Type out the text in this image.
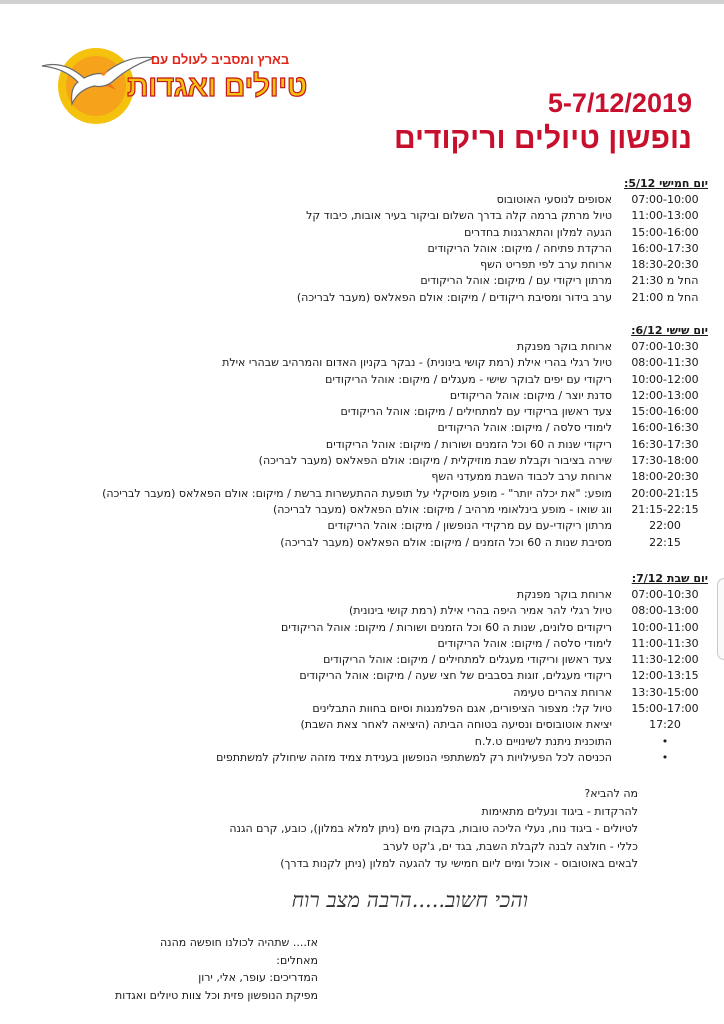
בארץ ומסביב לעולם עם
טיולים ואגדות	5-7/12/2019
נופשון טיולים וריקודים
יום חמישי 5/12:
07:00-10:00
אסופים לנוסעי האוטובוס
11:00-13:00
טיול מרתק ברמה קלה בדרך השלום וביקור בעיר אובות, כיבוד קל
15:00-16:00
הגעה למלון והתארגנות בחדרים
16:00-17:30
הרקדת פתיחה / מיקום: אוהל הריקודים
18:30-20:30
ארוחת ערב לפי תפריט השף
החל מ 21:30
מרתון ריקודי עם / מיקום: אוהל הריקודים
החל מ 21:00
ערב בידור ומסיבת ריקודים / מיקום: אולם הפאלאס (מעבר לבריכה)
יום שישי 6/12:
07:00-10:30
ארוחת בוקר מפנקת
08:00-11:30
טיול רגלי בהרי אילת (רמת קושי בינונית) - נבקר בקניון האדום והמרהיב שבהרי אילת
10:00-12:00
ריקודי עם יפים לבוקר שישי - מעגלים / מיקום: אוהל הריקודים
12:00-13:00
סדנת יוצר / מיקום: אוהל הריקודים
15:00-16:00
צעד ראשון בריקודי עם למתחילים / מיקום: אוהל הריקודים
16:00-16:30
לימודי סלסה / מיקום: אוהל הריקודים
16:30-17:30
ריקודי שנות ה 60 וכל הזמנים ושורות / מיקום: אוהל הריקודים
17:30-18:00
שירה בציבור וקבלת שבת מוזיקלית / מיקום: אולם הפאלאס (מעבר לבריכה)
18:00-20:30
ארוחת ערב לכבוד השבת ממעדני השף
20:00-21:15
מופע: "את יכלה יותר" - מופע מוסיקלי על תופעת ההתעשרות ברשת / מיקום: אולם הפאלאס (מעבר לבריכה)
21:15-22:15
ווג שואו - מופע בינלאומי מרהיב / מיקום: אולם הפאלאס (מעבר לבריכה)
22:00
מרתון ריקודי-עם עם מרקידי הנופשון / מיקום: אוהל הריקודים
22:15
מסיבת שנות ה 60 וכל הזמנים / מיקום: אולם הפאלאס (מעבר לבריכה)
יום שבת 7/12:
07:00-10:30
ארוחת בוקר מפנקת
08:00-13:00
טיול רגלי להר אמיר היפה בהרי אילת (רמת קושי בינונית)
10:00-11:00
ריקודים סלונים, שנות ה 60 וכל הזמנים ושורות / מיקום: אוהל הריקודים
11:00-11:30
לימודי סלסה / מיקום: אוהל הריקודים
11:30-12:00
צעד ראשון וריקודי מעגלים למתחילים / מיקום: אוהל הריקודים
12:00-13:15
ריקודי מעגלים, זוגות בסבבים של חצי שעה / מיקום: אוהל הריקודים
13:30-15:00
ארוחת צהרים טעימה
15:00-17:00
טיול קל: מצפור הציפורים, אגם הפלמנגות וסיום בחוות התבלינים
17:20
יציאת אוטובוסים ונסיעה בטוחה הביתה (היציאה לאחר צאת השבת)
•
התוכנית ניתנת לשינויים ט.ל.ח
•
הכניסה לכל הפעילויות רק למשתתפי הנופשון בענידת צמיד מזהה שיחולק למשתתפים
מה להביא?
להרקדות - ביגוד ונעלים מתאימות
לטיולים - ביגוד נוח, נעלי הליכה טובות, בקבוק מים (ניתן למלא במלון), כובע, קרם הגנה
כללי - חולצה לבנה לקבלת השבת, בגד ים, ג'קט לערב
לבאים באוטובוס - אוכל ומים ליום חמישי עד להגעה למלון (ניתן לקנות בדרך)
והכי חשוב.....הרבה מצב רוח
אז.... שתהיה לכולנו חופשה מהנה
מאחלים:
המדריכים: עופר, אלי, ירון
מפיקת הנופשון פזית וכל צוות טיולים ואגדות
